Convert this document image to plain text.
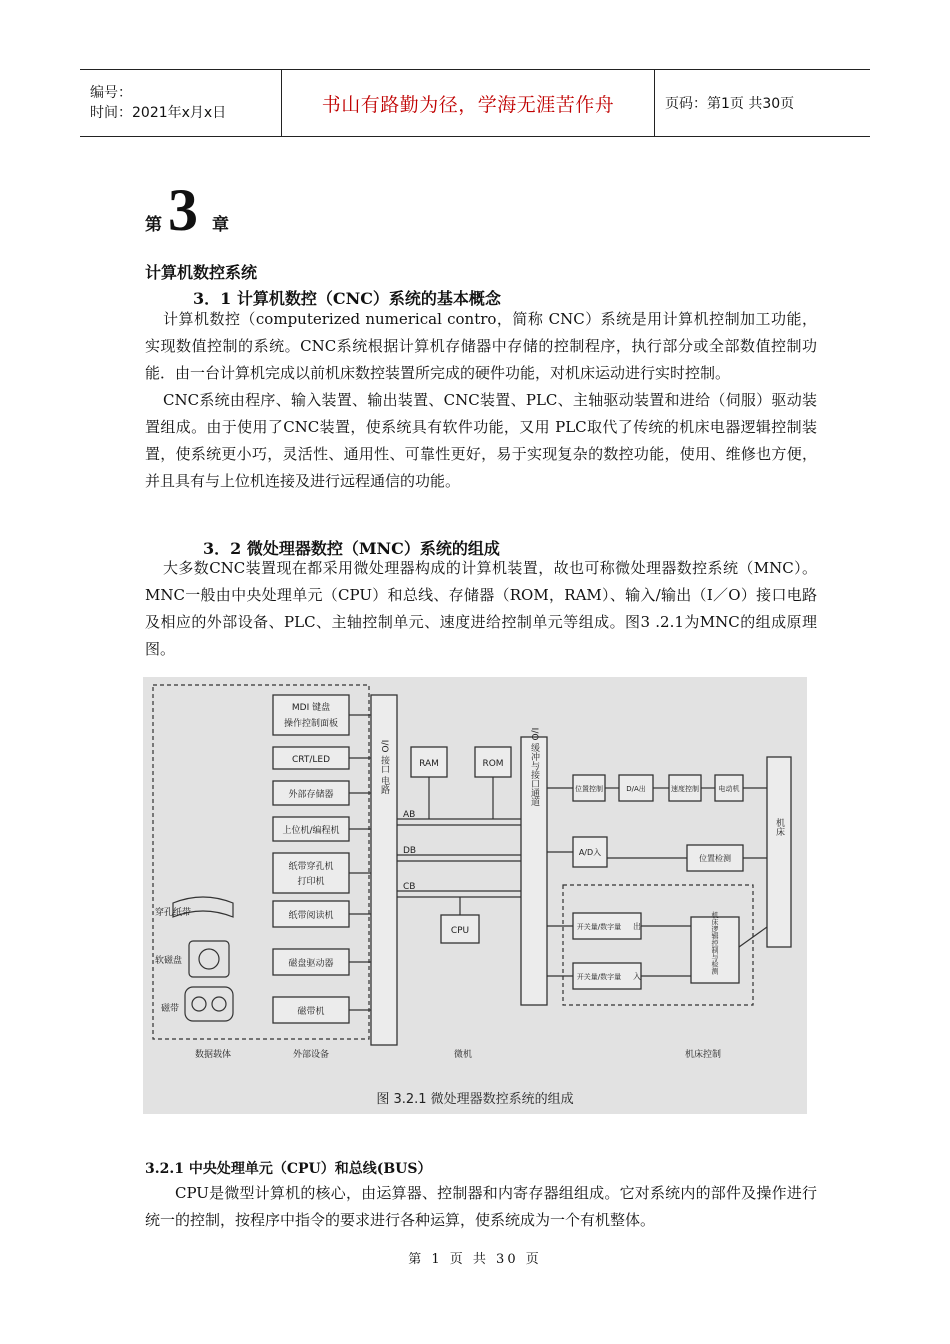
编号：
时间：2021年x月x日	书山有路勤为径，学海无涯苦作舟	页码：第1页 共30页
第 3 章
计算机数控系统
3．1 计算机数控（CNC）系统的基本概念

计算机数控（computerized numerical contro，简称 CNC）系统是用计算机控制加工功能，实现数值控制的系统。CNC系统根据计算机存储器中存储的控制程序，执行部分或全部数值控制功能．由一台计算机完成以前机床数控装置所完成的硬件功能，对机床运动进行实时控制。

CNC系统由程序、输入装置、输出装置、CNC装置、PLC、主轴驱动装置和进给（伺服）驱动装置组成。由于使用了CNC装置，使系统具有软件功能，又用 PLC取代了传统的机床电器逻辑控制装置，使系统更小巧，灵活性、通用性、可靠性更好，易于实现复杂的数控功能，使用、维修也方便，并且具有与上位机连接及进行远程通信的功能。

3．2 微处理器数控（MNC）系统的组成

大多数CNC装置现在都采用微处理器构成的计算机装置，故也可称微处理器数控系统（MNC）。MNC一般由中央处理单元（CPU）和总线、存储器（ROM，RAM）、输入/输出（I／O）接口电路及相应的外部设备、PLC、主轴控制单元、速度进给控制单元等组成。图3 .2.1为MNC的组成原理图。

MDI 键盘
操作控制面板
CRT/LED
外部存储器
上位机/编程机
纸带穿孔机
打印机
纸带阅读机
磁盘驱动器
磁带机
穿孔纸带
软磁盘
磁带
I/O 接口 电路
AB
DB
CB
RAM	ROM
CPU
I/O 缓冲与接口通道	位置控制	D/A出	速度控制	电动机
A/D入
位置检测
机床
开关量/数字量 出
开关量/数字量 入
机床逻辑控制与检测
数据载体	外部设备	微机	机床控制
图 3.2.1 微处理器数控系统的组成
3.2.1 中央处理单元（CPU）和总线(BUS）

CPU是微型计算机的核心，由运算器、控制器和内寄存器组组成。它对系统内的部件及操作进行统一的控制，按程序中指令的要求进行各种运算，使系统成为一个有机整体。

第 1 页 共 30 页
